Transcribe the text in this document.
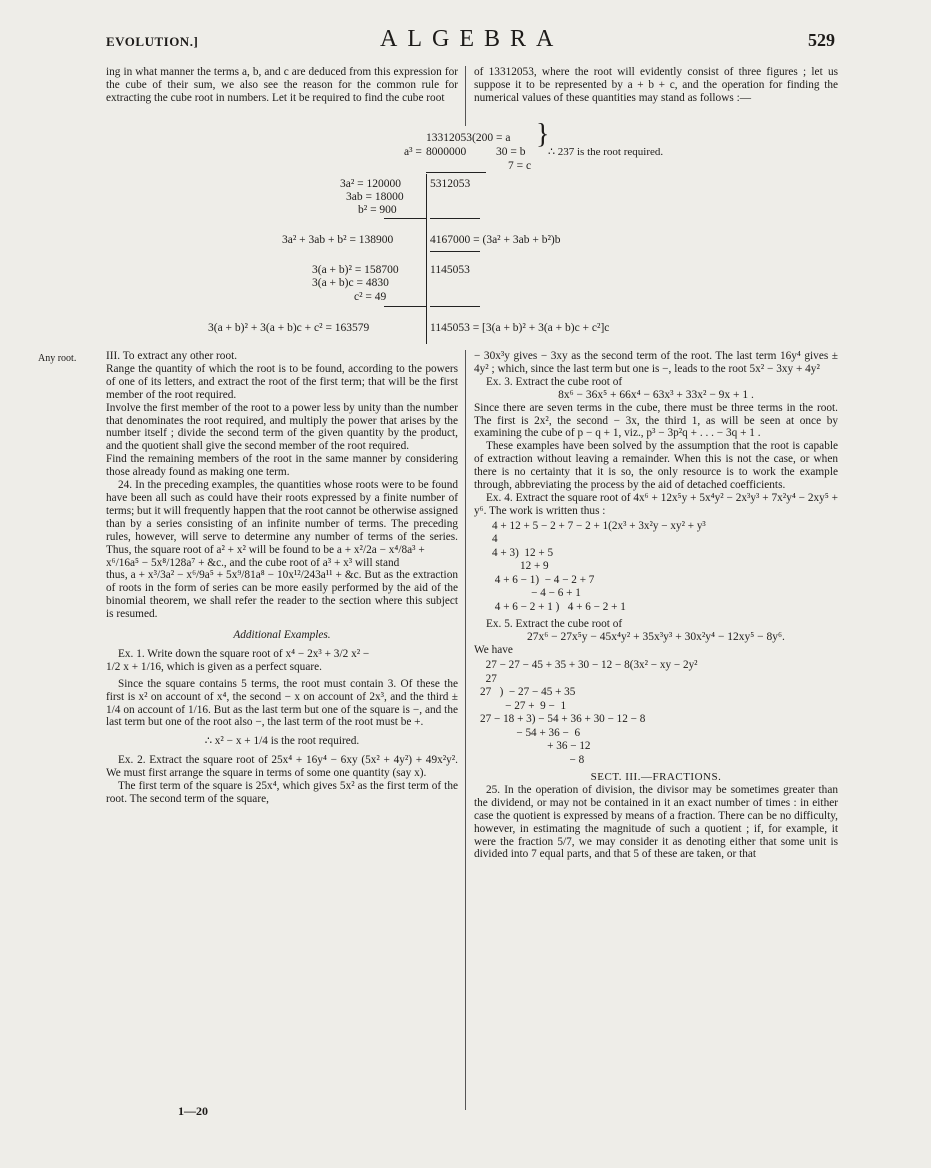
EVOLUTION.]	ALGEBRA	529

ing in what manner the terms a, b, and c are deduced from this expression for the cube of their sum, we also see the reason for the common rule for extracting the cube root in numbers. Let it be required to find the cube root

of 13312053, where the root will evidently consist of three figures ; let us suppose it to be represented by a + b + c, and the operation for finding the numerical values of these quantities may stand as follows :—

13312053(200 = a
a³ = 8000000	30 = b
7 = c
∴ 237 is the root required.
}
3a² = 120000	5312053
3ab = 18000
b² = 900
3a² + 3ab + b² = 138900	4167000 = (3a² + 3ab + b²)b
3(a + b)² = 158700	1145053
3(a + b)c = 4830
c² = 49
3(a + b)² + 3(a + b)c + c² = 163579	1145053 = [3(a + b)² + 3(a + b)c + c²]c
Any root.	III. To extract any other root.

Range the quantity of which the root is to be found, according to the powers of one of its letters, and extract the root of the first term; that will be the first member of the root required.

Involve the first member of the root to a power less by unity than the number that denominates the root required, and multiply the power that arises by the number itself ; divide the second term of the given quantity by the product, and the quotient shall give the second member of the root required.

Find the remaining members of the root in the same manner by considering those already found as making one term.

24. In the preceding examples, the quantities whose roots were to be found have been all such as could have their roots expressed by a finite number of terms; but it will frequently happen that the root cannot be otherwise assigned than by a series consisting of an infinite number of terms. The preceding rules, however, will serve to determine any number of terms of the series. Thus, the square root of a² + x² will be found to be a + x²/2a − x⁴/8a³ +

x⁶/16a⁵ − 5x⁸/128a⁷ + &c., and the cube root of a³ + x³ will stand

thus, a + x³/3a² − x⁶/9a⁵ + 5x⁹/81a⁸ − 10x¹²/243a¹¹ + &c. But as the extraction of roots in the form of series can be more easily performed by the aid of the binomial theorem, we shall refer the reader to the section where this subject is resumed.

Additional Examples.

Ex. 1. Write down the square root of x⁴ − 2x³ + 3/2 x² −

1/2 x + 1/16, which is given as a perfect square.

Since the square contains 5 terms, the root must contain 3. Of these the first is x² on account of x⁴, the second − x on account of 2x³, and the third ± 1/4 on account of 1/16. But as the last term but one of the square is −, and the last term but one of the root also −, the last term of the root must be +.

∴ x² − x + 1/4 is the root required.

Ex. 2. Extract the square root of 25x⁴ + 16y⁴ − 6xy (5x² + 4y²) + 49x²y². We must first arrange the square in terms of some one quantity (say x).

The first term of the square is 25x⁴, which gives 5x² as the first term of the root. The second term of the square,

− 30x³y gives − 3xy as the second term of the root. The last term 16y⁴ gives ± 4y² ; which, since the last term but one is −, leads to the root 5x² − 3xy + 4y²

Ex. 3. Extract the cube root of

8x⁶ − 36x⁵ + 66x⁴ − 63x³ + 33x² − 9x + 1 .

Since there are seven terms in the cube, there must be three terms in the root. The first is 2x², the second − 3x, the third 1, as will be seen at once by examining the cube of p − q + 1, viz., p³ − 3p²q + . . . − 3q + 1 .

These examples have been solved by the assumption that the root is capable of extraction without leaving a remainder. When this is not the case, or when there is no certainty that it is so, the only resource is to work the example through, abbreviating the process by the aid of detached coefficients.

Ex. 4. Extract the square root of 4x⁶ + 12x⁵y + 5x⁴y² − 2x³y³ + 7x²y⁴ − 2xy⁵ + y⁶. The work is written thus :

4 + 12 + 5 − 2 + 7 − 2 + 1(2x³ + 3x²y − xy² + y³
4
4 + 3)  12 + 5
12 + 9
4 + 6 − 1)  − 4 − 2 + 7
− 4 − 6 + 1
4 + 6 − 2 + 1 )   4 + 6 − 2 + 1

Ex. 5. Extract the cube root of

27x⁶ − 27x⁵y − 45x⁴y² + 35x³y³ + 30x²y⁴ − 12xy⁵ − 8y⁶.

We have

27 − 27 − 45 + 35 + 30 − 12 − 8(3x² − xy − 2y²
27
27   )  − 27 − 45 + 35
− 27 +  9 −  1
27 − 18 + 3) − 54 + 36 + 30 − 12 − 8
− 54 + 36 −  6
+ 36 − 12
− 8

SECT. III.—FRACTIONS.

25. In the operation of division, the divisor may be sometimes greater than the dividend, or may not be contained in it an exact number of times : in either case the quotient is expressed by means of a fraction. There can be no difficulty, however, in estimating the magnitude of such a quotient ; if, for example, it were the fraction 5/7, we may consider it as denoting either that some unit is divided into 7 equal parts, and that 5 of these are taken, or that

1—20
